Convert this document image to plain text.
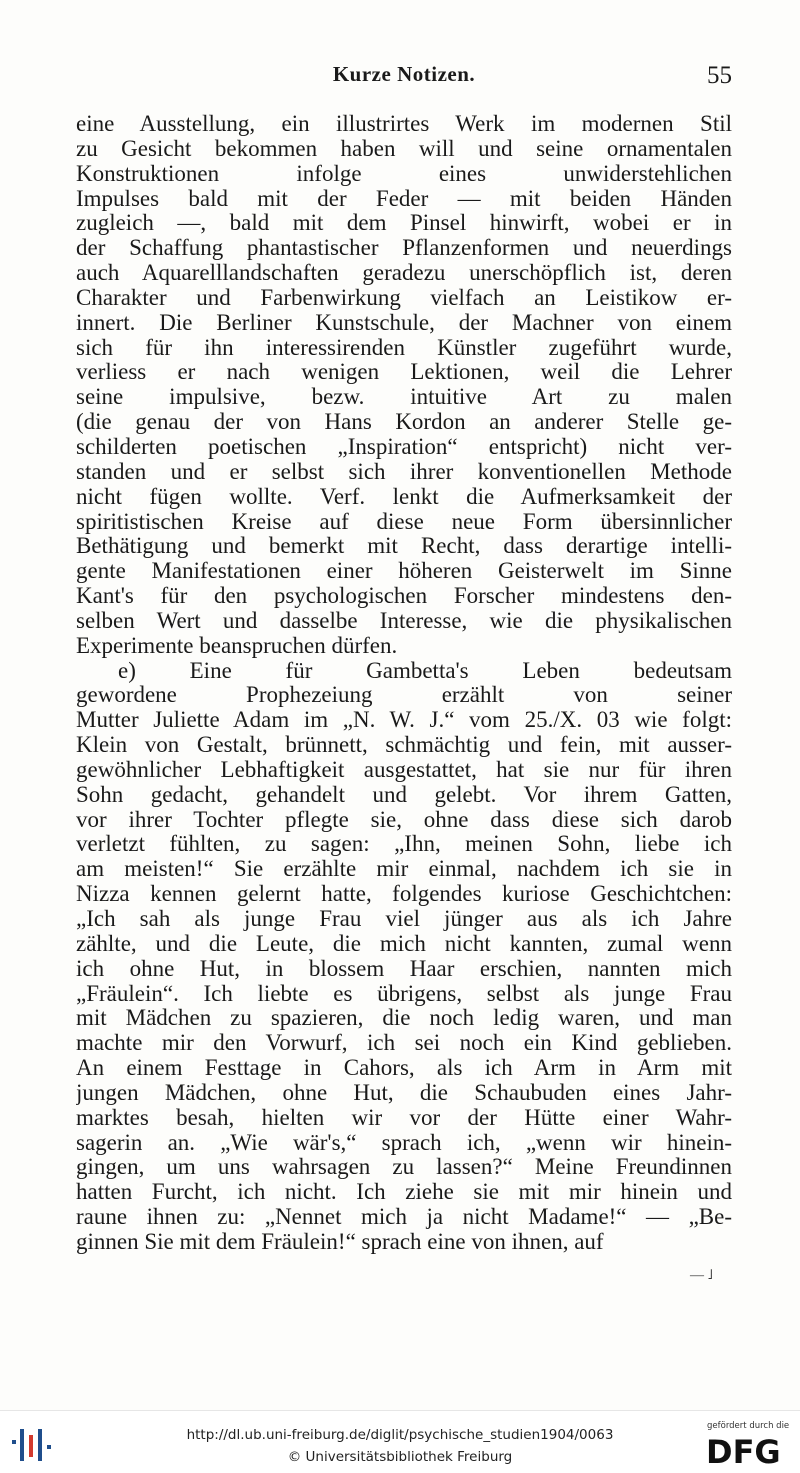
Kurze Notizen.	55
eine Ausstellung, ein illustrirtes Werk im modernen Stil
zu Gesicht bekommen haben will und seine ornamentalen
Konstruktionen infolge eines unwiderstehlichen
Impulses bald mit der Feder — mit beiden Händen
zugleich —, bald mit dem Pinsel hinwirft, wobei er in
der Schaffung phantastischer Pflanzenformen und neuerdings
auch Aquarelllandschaften geradezu unerschöpflich ist, deren
Charakter und Farbenwirkung vielfach an Leistikow er-
innert. Die Berliner Kunstschule, der Machner von einem
sich für ihn interessirenden Künstler zugeführt wurde,
verliess er nach wenigen Lektionen, weil die Lehrer
seine impulsive, bezw. intuitive Art zu malen
(die genau der von Hans Kordon an anderer Stelle ge-
schilderten poetischen „Inspiration“ entspricht) nicht ver-
standen und er selbst sich ihrer konventionellen Methode
nicht fügen wollte. Verf. lenkt die Aufmerksamkeit der
spiritistischen Kreise auf diese neue Form übersinnlicher
Bethätigung und bemerkt mit Recht, dass derartige intelli-
gente Manifestationen einer höheren Geisterwelt im Sinne
Kant's für den psychologischen Forscher mindestens den-
selben Wert und dasselbe Interesse, wie die physikalischen
Experimente beanspruchen dürfen.
e) Eine für Gambetta's Leben bedeutsam
gewordene Prophezeiung erzählt von seiner
Mutter Juliette Adam im „N. W. J.“ vom 25./X. 03 wie folgt:
Klein von Gestalt, brünnett, schmächtig und fein, mit ausser-
gewöhnlicher Lebhaftigkeit ausgestattet, hat sie nur für ihren
Sohn gedacht, gehandelt und gelebt. Vor ihrem Gatten,
vor ihrer Tochter pflegte sie, ohne dass diese sich darob
verletzt fühlten, zu sagen: „Ihn, meinen Sohn, liebe ich
am meisten!“ Sie erzählte mir einmal, nachdem ich sie in
Nizza kennen gelernt hatte, folgendes kuriose Geschichtchen:
„Ich sah als junge Frau viel jünger aus als ich Jahre
zählte, und die Leute, die mich nicht kannten, zumal wenn
ich ohne Hut, in blossem Haar erschien, nannten mich
„Fräulein“. Ich liebte es übrigens, selbst als junge Frau
mit Mädchen zu spazieren, die noch ledig waren, und man
machte mir den Vorwurf, ich sei noch ein Kind geblieben.
An einem Festtage in Cahors, als ich Arm in Arm mit
jungen Mädchen, ohne Hut, die Schaubuden eines Jahr-
marktes besah, hielten wir vor der Hütte einer Wahr-
sagerin an. „Wie wär's,“ sprach ich, „wenn wir hinein-
gingen, um uns wahrsagen zu lassen?“ Meine Freundinnen
hatten Furcht, ich nicht. Ich ziehe sie mit mir hinein und
raune ihnen zu: „Nennet mich ja nicht Madame!“ — „Be-
ginnen Sie mit dem Fräulein!“ sprach eine von ihnen, auf
— ˩
http://dl.ub.uni-freiburg.de/diglit/psychische_studien1904/0063
© Universitätsbibliothek Freiburg
gefördert durch die
DFG
